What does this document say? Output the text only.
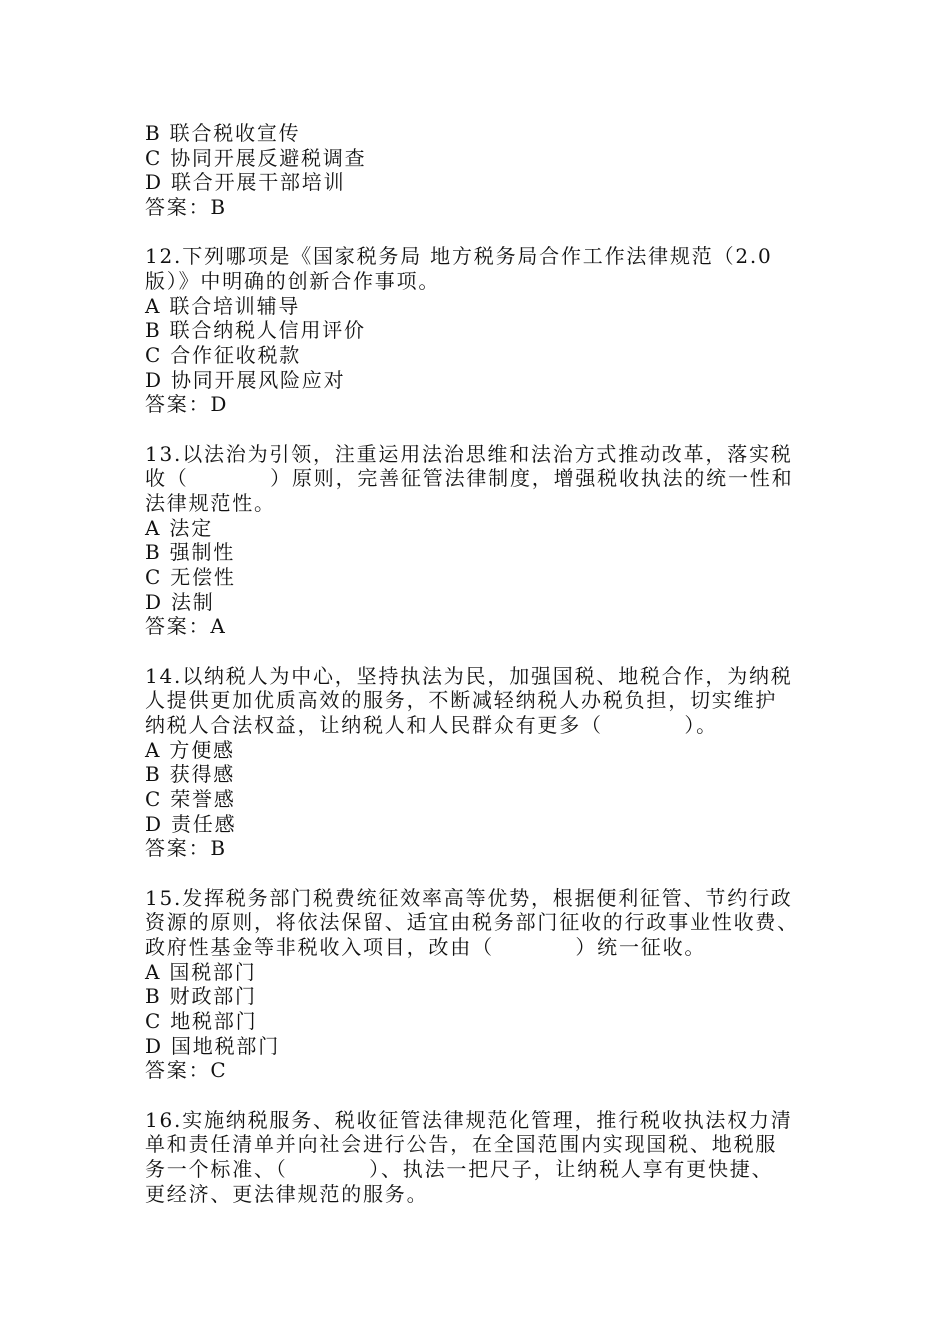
B 联合税收宣传

C 协同开展反避税调查

D 联合开展干部培训

答案：B

12.下列哪项是《国家税务局 地方税务局合作工作法律规范（2.0

版）》中明确的创新合作事项。

A 联合培训辅导

B 联合纳税人信用评价

C 合作征收税款

D 协同开展风险应对

答案：D

13.以法治为引领，注重运用法治思维和法治方式推动改革，落实税

收（          ）原则，完善征管法律制度，增强税收执法的统一性和

法律规范性。

A 法定

B 强制性

C 无偿性

D 法制

答案：A

14.以纳税人为中心，坚持执法为民，加强国税、地税合作，为纳税

人提供更加优质高效的服务，不断减轻纳税人办税负担，切实维护

纳税人合法权益，让纳税人和人民群众有更多（          ）。

A 方便感

B 获得感

C 荣誉感

D 责任感

答案：B

15.发挥税务部门税费统征效率高等优势，根据便利征管、节约行政

资源的原则，将依法保留、适宜由税务部门征收的行政事业性收费、

政府性基金等非税收入项目，改由（          ）统一征收。

A 国税部门

B 财政部门

C 地税部门

D 国地税部门

答案：C

16.实施纳税服务、税收征管法律规范化管理，推行税收执法权力清

单和责任清单并向社会进行公告，在全国范围内实现国税、地税服

务一个标准、（          ）、执法一把尺子，让纳税人享有更快捷、

更经济、更法律规范的服务。
